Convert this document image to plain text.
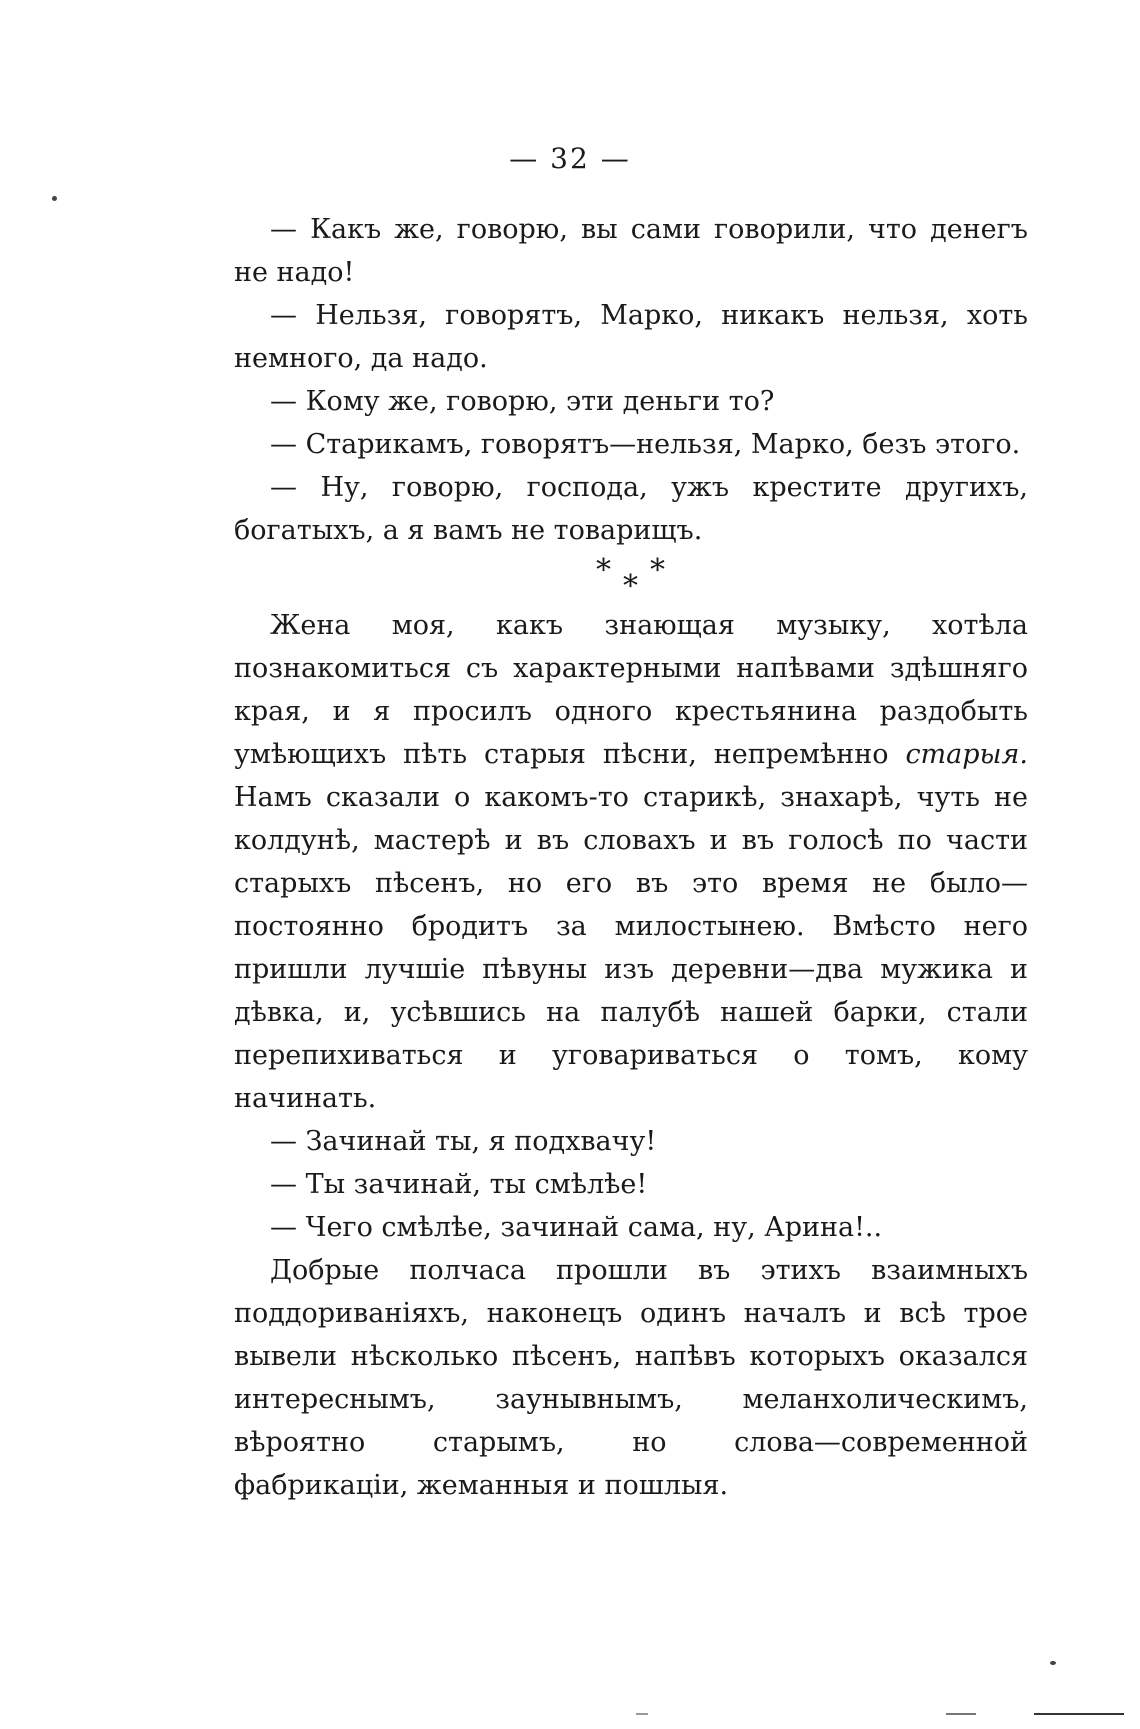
— 32 —

— Какъ же, говорю, вы сами говорили, что денегъ не надо!

— Нельзя, говорятъ, Марко, никакъ нельзя, хоть немного, да надо.

— Кому же, говорю, эти деньги то?

— Старикамъ, говорятъ—нельзя, Марко, безъ этого.

— Ну, говорю, господа, ужъ крестите другихъ, богатыхъ, а я вамъ не товарищъ.

* *
*

Жена моя, какъ знающая музыку, хотѣла познакомиться съ характерными напѣвами здѣшняго края, и я просилъ одного крестьянина раздобыть умѣющихъ пѣть старыя пѣсни, непремѣнно старыя. Намъ сказали о какомъ-то старикѣ, знахарѣ, чуть не колдунѣ, мастерѣ и въ словахъ и въ голосѣ по части старыхъ пѣсенъ, но его въ это время не было—постоянно бродитъ за милостынею. Вмѣсто него пришли лучшіе пѣвуны изъ деревни—два мужика и дѣвка, и, усѣвшись на палубѣ нашей барки, стали перепихиваться и уговариваться о томъ, кому начинать.

— Зачинай ты, я подхвачу!

— Ты зачинай, ты смѣлѣе!

— Чего смѣлѣе, зачинай сама, ну, Арина!..

Добрые полчаса прошли въ этихъ взаимныхъ поддориваніяхъ, наконецъ одинъ началъ и всѣ трое вывели нѣсколько пѣсенъ, напѣвъ которыхъ оказался интереснымъ, заунывнымъ, меланхолическимъ, вѣроятно старымъ, но слова—современной фабрикаціи, жеманныя и пошлыя.
